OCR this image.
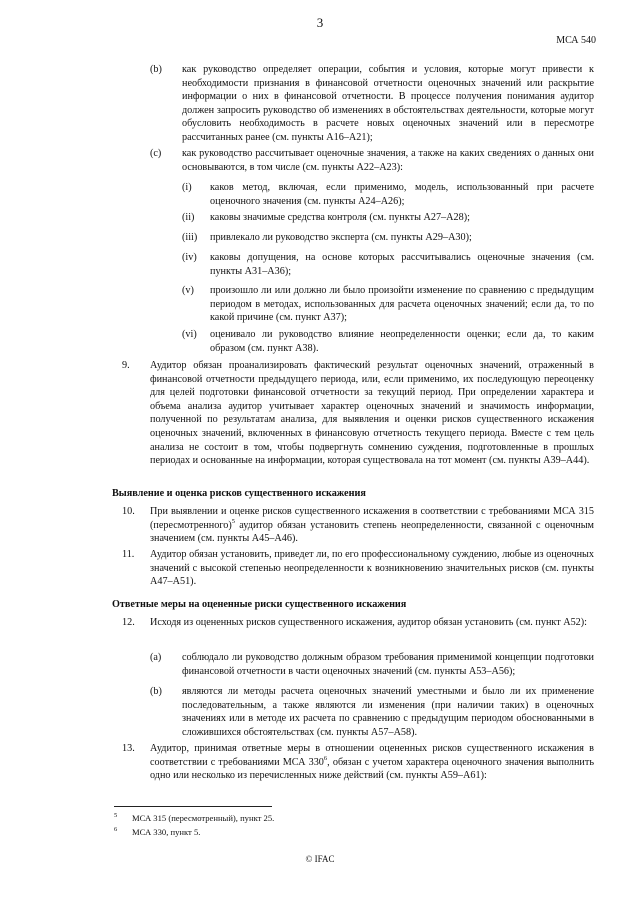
3
МСА 540
(b) как руководство определяет операции, события и условия, которые могут привести к необходимости признания в финансовой отчетности оценочных значений или раскрытие информации о них в финансовой отчетности. В процессе получения понимания аудитор должен запросить руководство об изменениях в обстоятельствах деятельности, которые могут обусловить необходимость в расчете новых оценочных значений или в пересмотре рассчитанных ранее (см. пункты А16–А21);
(c) как руководство рассчитывает оценочные значения, а также на каких сведениях о данных они основываются, в том числе (см. пункты А22–А23):
(i) каков метод, включая, если применимо, модель, использованный при расчете оценочного значения (см. пункты А24–А26);
(ii) каковы значимые средства контроля (см. пункты А27–А28);
(iii) привлекало ли руководство эксперта (см. пункты А29–А30);
(iv) каковы допущения, на основе которых рассчитывались оценочные значения (см. пункты А31–А36);
(v) произошло ли или должно ли было произойти изменение по сравнению с предыдущим периодом в методах, использованных для расчета оценочных значений; если да, то по какой причине (см. пункт А37);
(vi) оценивало ли руководство влияние неопределенности оценки; если да, то каким образом (см. пункт А38).
9. Аудитор обязан проанализировать фактический результат оценочных значений, отраженный в финансовой отчетности предыдущего периода, или, если применимо, их последующую переоценку для целей подготовки финансовой отчетности за текущий период. При определении характера и объема анализа аудитор учитывает характер оценочных значений и значимость информации, полученной по результатам анализа, для выявления и оценки рисков существенного искажения оценочных значений, включенных в финансовую отчетность текущего периода. Вместе с тем цель анализа не состоит в том, чтобы подвергнуть сомнению суждения, подготовленные в прошлых периодах и основанные на информации, которая существовала на тот момент (см. пункты А39–А44).
Выявление и оценка рисков существенного искажения
10. При выявлении и оценке рисков существенного искажения в соответствии с требованиями МСА 315 (пересмотренного)$^5$ аудитор обязан установить степень неопределенности, связанной с оценочным значением (см. пункты А45–А46).
11. Аудитор обязан установить, приведет ли, по его профессиональному суждению, любые из оценочных значений с высокой степенью неопределенности к возникновению значительных рисков (см. пункты А47–А51).
Ответные меры на оцененные риски существенного искажения
12. Исходя из оцененных рисков существенного искажения, аудитор обязан установить (см. пункт А52):
(a) соблюдало ли руководство должным образом требования применимой концепции подготовки финансовой отчетности в части оценочных значений (см. пункты А53–А56);
(b) являются ли методы расчета оценочных значений уместными и было ли их применение последовательным, а также являются ли изменения (при наличии таких) в оценочных значениях или в методе их расчета по сравнению с предыдущим периодом обоснованными в сложившихся обстоятельствах (см. пункты А57–А58).
13. Аудитор, принимая ответные меры в отношении оцененных рисков существенного искажения в соответствии с требованиями МСА $330^6$, обязан с учетом характера оценочного значения выполнить одно или несколько из перечисленных ниже действий (см. пункты А59–А61):
5 МСА 315 (пересмотренный), пункт 25.
6 МСА 330, пункт 5.
© IFAC
